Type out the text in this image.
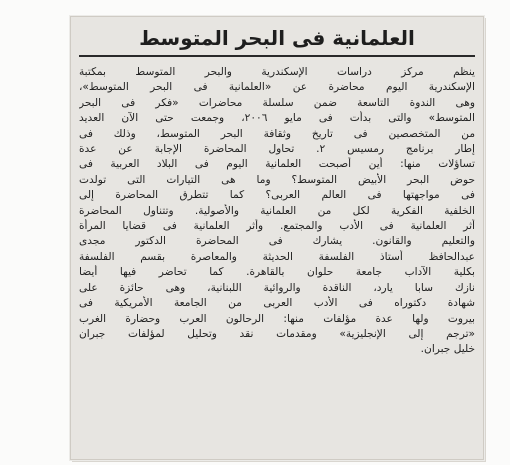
العلمانية فى البحر المتوسط

ينظم مركز دراسات الإسكندرية والبحر المتوسط بمكتبة
الإسكندرية اليوم محاضرة عن «العلمانية فى البحر المتوسط»،
وهى الندوة التاسعة ضمن سلسلة محاضرات «فكر فى البحر
المتوسط» والتى بدأت فى مايو ٢٠٠٦، وجمعت حتى الآن العديد
من المتخصصين فى تاريخ وثقافة البحر المتوسط، وذلك فى
إطار برنامج رمسيس ٢. تحاول المحاضرة الإجابة عن عدة
تساؤلات منها: أين أصبحت العلمانية اليوم فى البلاد العربية فى
حوض البحر الأبيض المتوسط؟ وما هى التيارات التى تولدت
فى مواجهتها فى العالم العربى؟ كما تتطرق المحاضرة إلى
الخلفية الفكرية لكل من العلمانية والأصولية. وتتناول المحاضرة
أثر العلمانية فى الأدب والمجتمع. وأثر العلمانية فى قضايا المرأة
والتعليم والقانون. يشارك فى المحاضرة الدكتور مجدى
عبدالحافظ أستاذ الفلسفة الحديثة والمعاصرة بقسم الفلسفة
بكلية الآداب جامعة حلوان بالقاهرة. كما تحاضر فيها أيضا
نازك سابا يارد، الناقدة والروائية اللبنانية، وهى حائزة على
شهادة دكتوراه فى الأدب العربى من الجامعة الأمريكية فى
بيروت ولها عدة مؤلفات منها: الرحالون العرب وحضارة الغرب
«ترجم إلى الإنجليزية» ومقدمات نقد وتحليل لمؤلفات جبران
خليل جبران.
